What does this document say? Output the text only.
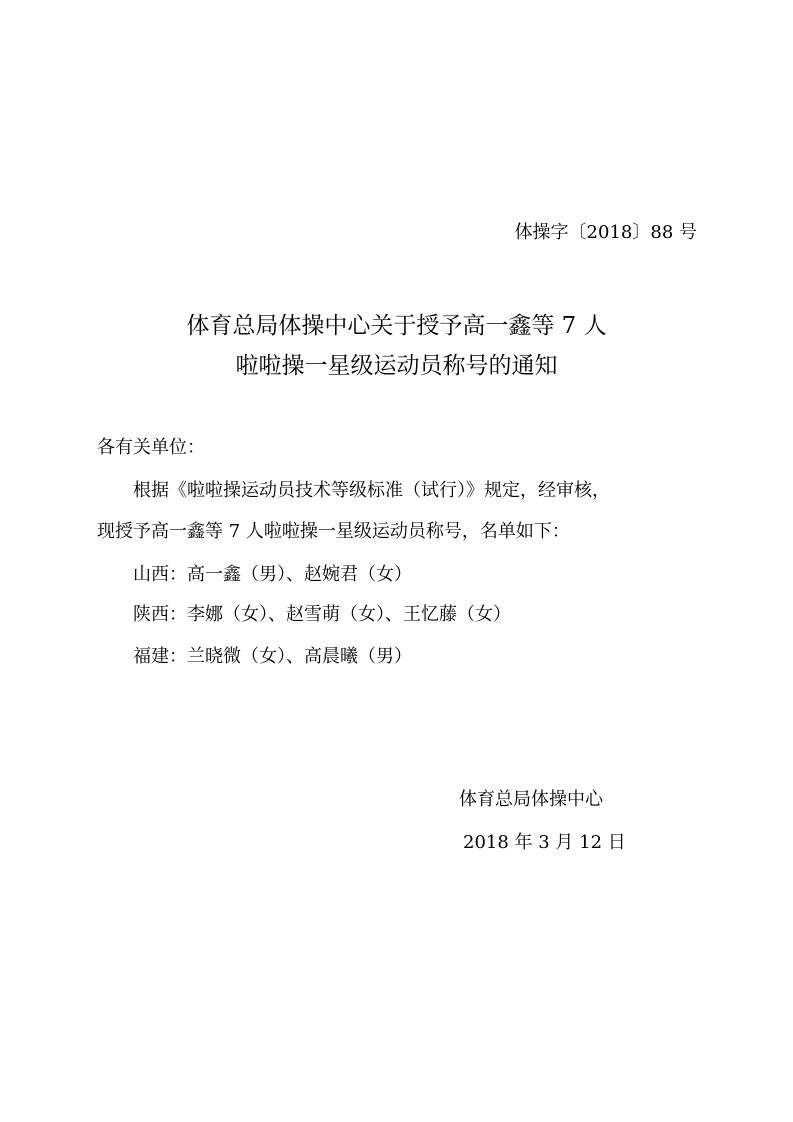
体操字〔2018〕88 号
体育总局体操中心关于授予高一鑫等 7 人
啦啦操一星级运动员称号的通知
各有关单位：
根据《啦啦操运动员技术等级标准（试行）》规定，经审核，
现授予高一鑫等 7 人啦啦操一星级运动员称号，名单如下：
山西：高一鑫（男）、赵婉君（女）
陕西：李娜（女）、赵雪萌（女）、王忆藤（女）
福建：兰晓微（女）、高晨曦（男）
体育总局体操中心
2018 年 3 月 12 日
